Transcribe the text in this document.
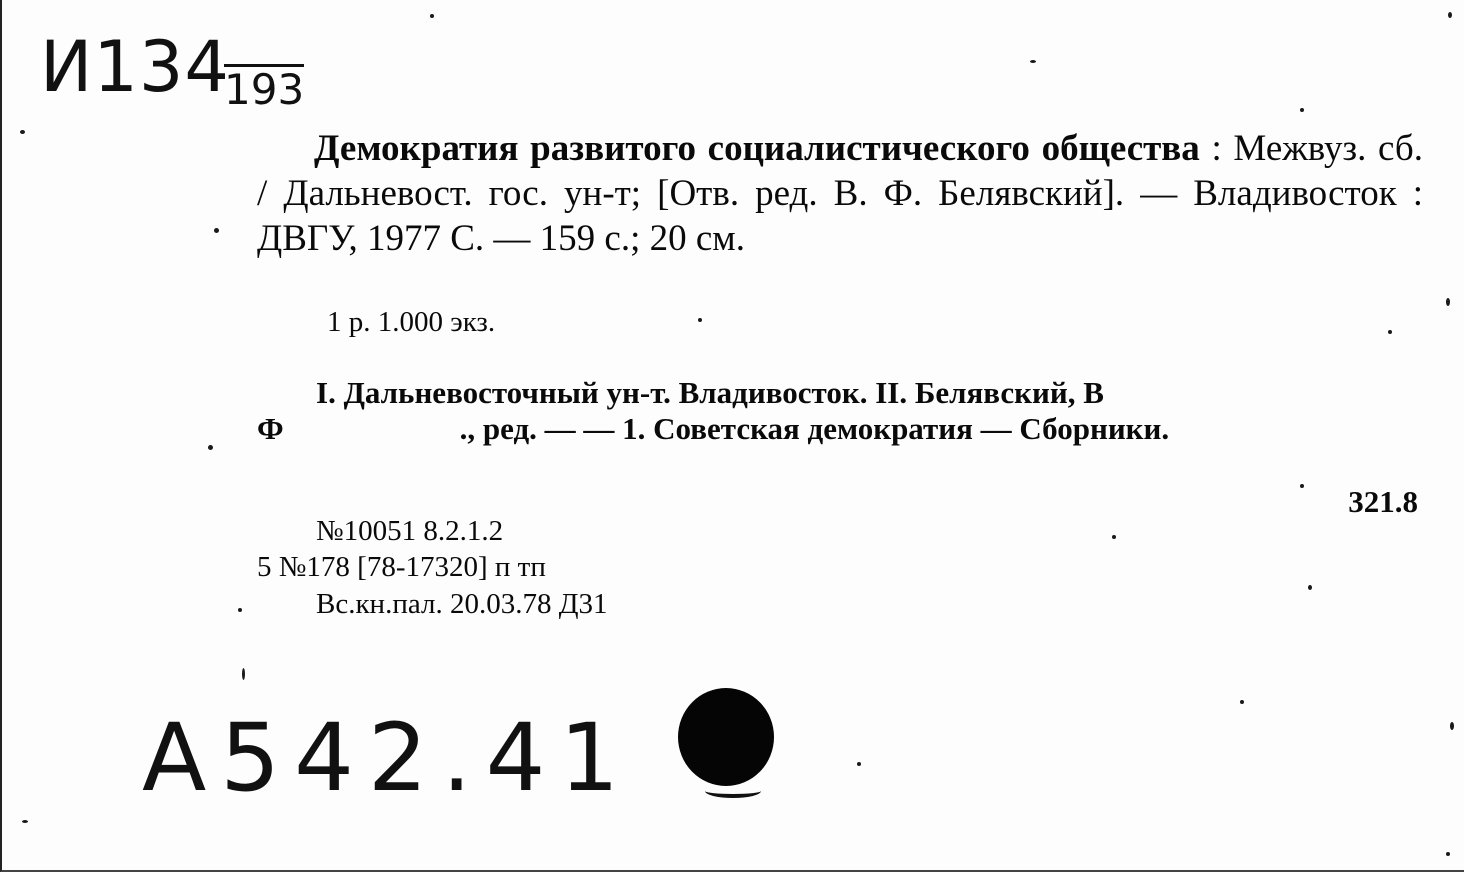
И134
193

Демократия развитого социалистического общества : Межвуз. сб. / Дальневост. гос. ун-т; [Отв. ред. В. Ф. Белявский]. — Владивосток : ДВГУ, 1977 С. — 159 с.; 20 см.

1 р. 1.000 экз.
I. Дальневосточный ун-т. Владивосток. II. Белявский, В
Ф	., ред. — — 1. Советская демократия — Сборники.
321.8
№10051 8.2.1.2
5 №178 [78-17320] п тп
Вс.кн.пал. 20.03.78 Д31
А542.41
